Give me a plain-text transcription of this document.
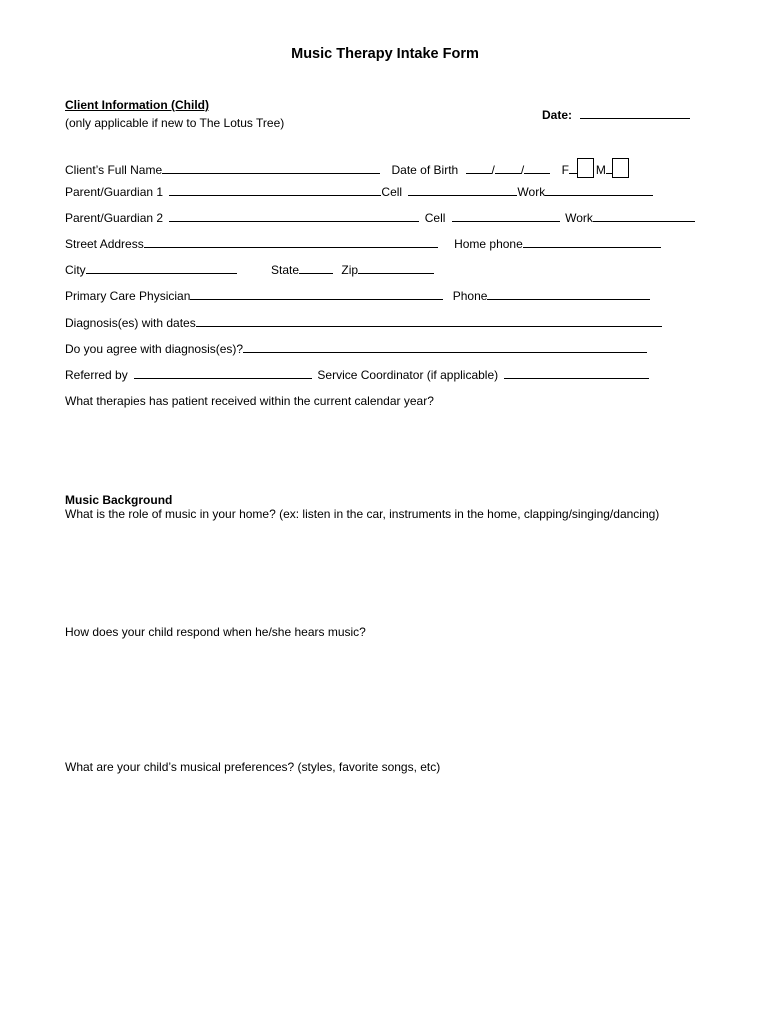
Music Therapy Intake Form
Client Information (Child)
(only applicable if new to The Lotus Tree)
Date:
Client’s Full Name	Date of Birth	/ /	F M
Parent/Guardian 1	Cell	Work
Parent/Guardian 2	Cell	Work
Street Address	Home phone
City	State	Zip
Primary Care Physician	Phone
Diagnosis(es) with dates
Do you agree with diagnosis(es)?
Referred by	Service Coordinator (if applicable)
What therapies has patient received within the current calendar year?
Music Background
What is the role of music in your home? (ex: listen in the car, instruments in the home, clapping/singing/dancing)
How does your child respond when he/she hears music?
What are your child’s musical preferences? (styles, favorite songs, etc)
